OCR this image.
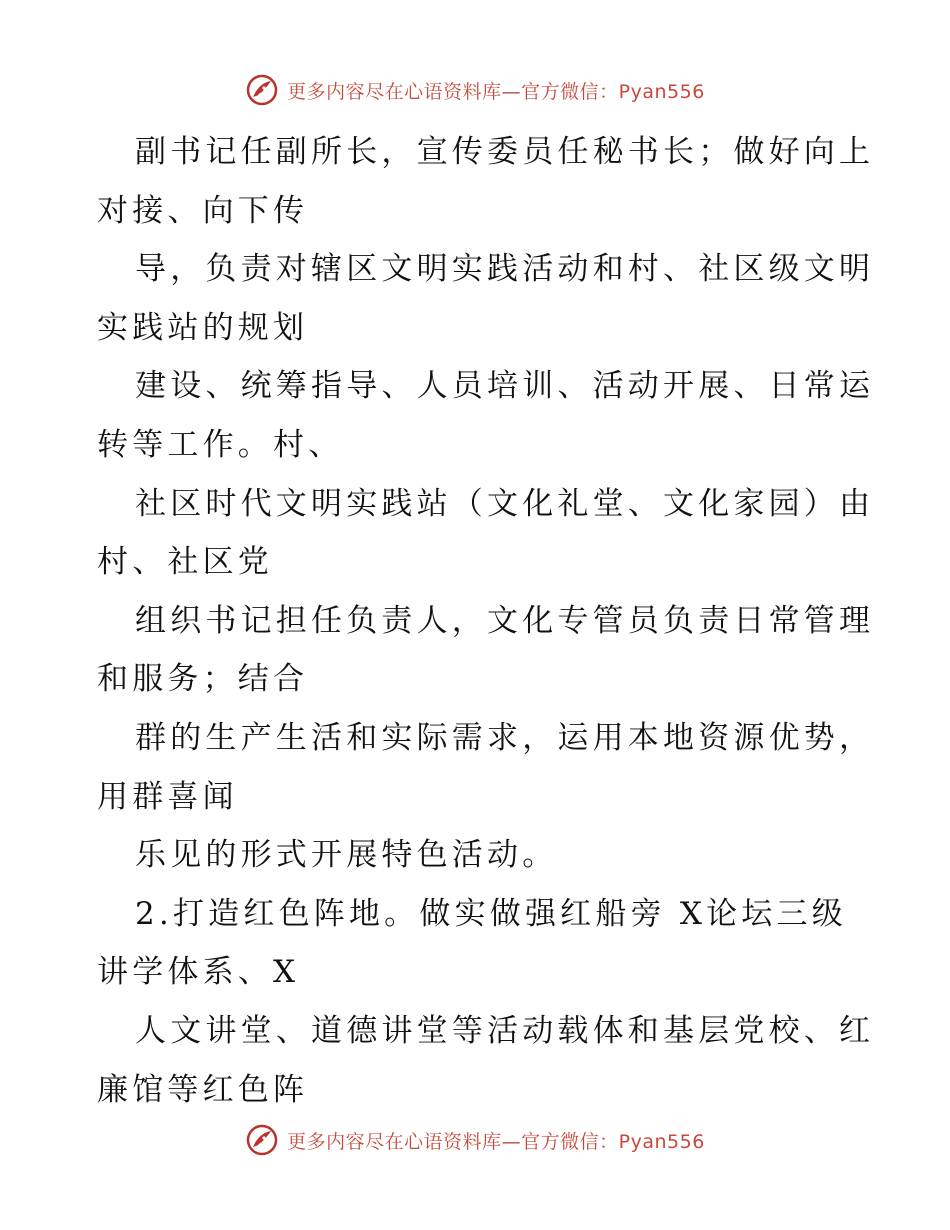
更多内容尽在心语资料库—官方微信：Pyan556
副书记任副所长，宣传委员任秘书长；做好向上
对接、向下传
导，负责对辖区文明实践活动和村、社区级文明
实践站的规划
建设、统筹指导、人员培训、活动开展、日常运
转等工作。村、
社区时代文明实践站（文化礼堂、文化家园）由
村、社区党
组织书记担任负责人，文化专管员负责日常管理
和服务；结合
群的生产生活和实际需求，运用本地资源优势，
用群喜闻
乐见的形式开展特色活动。
2.打造红色阵地。做实做强红船旁 X论坛三级
讲学体系、X
人文讲堂、道德讲堂等活动载体和基层党校、红
廉馆等红色阵
更多内容尽在心语资料库—官方微信：Pyan556
